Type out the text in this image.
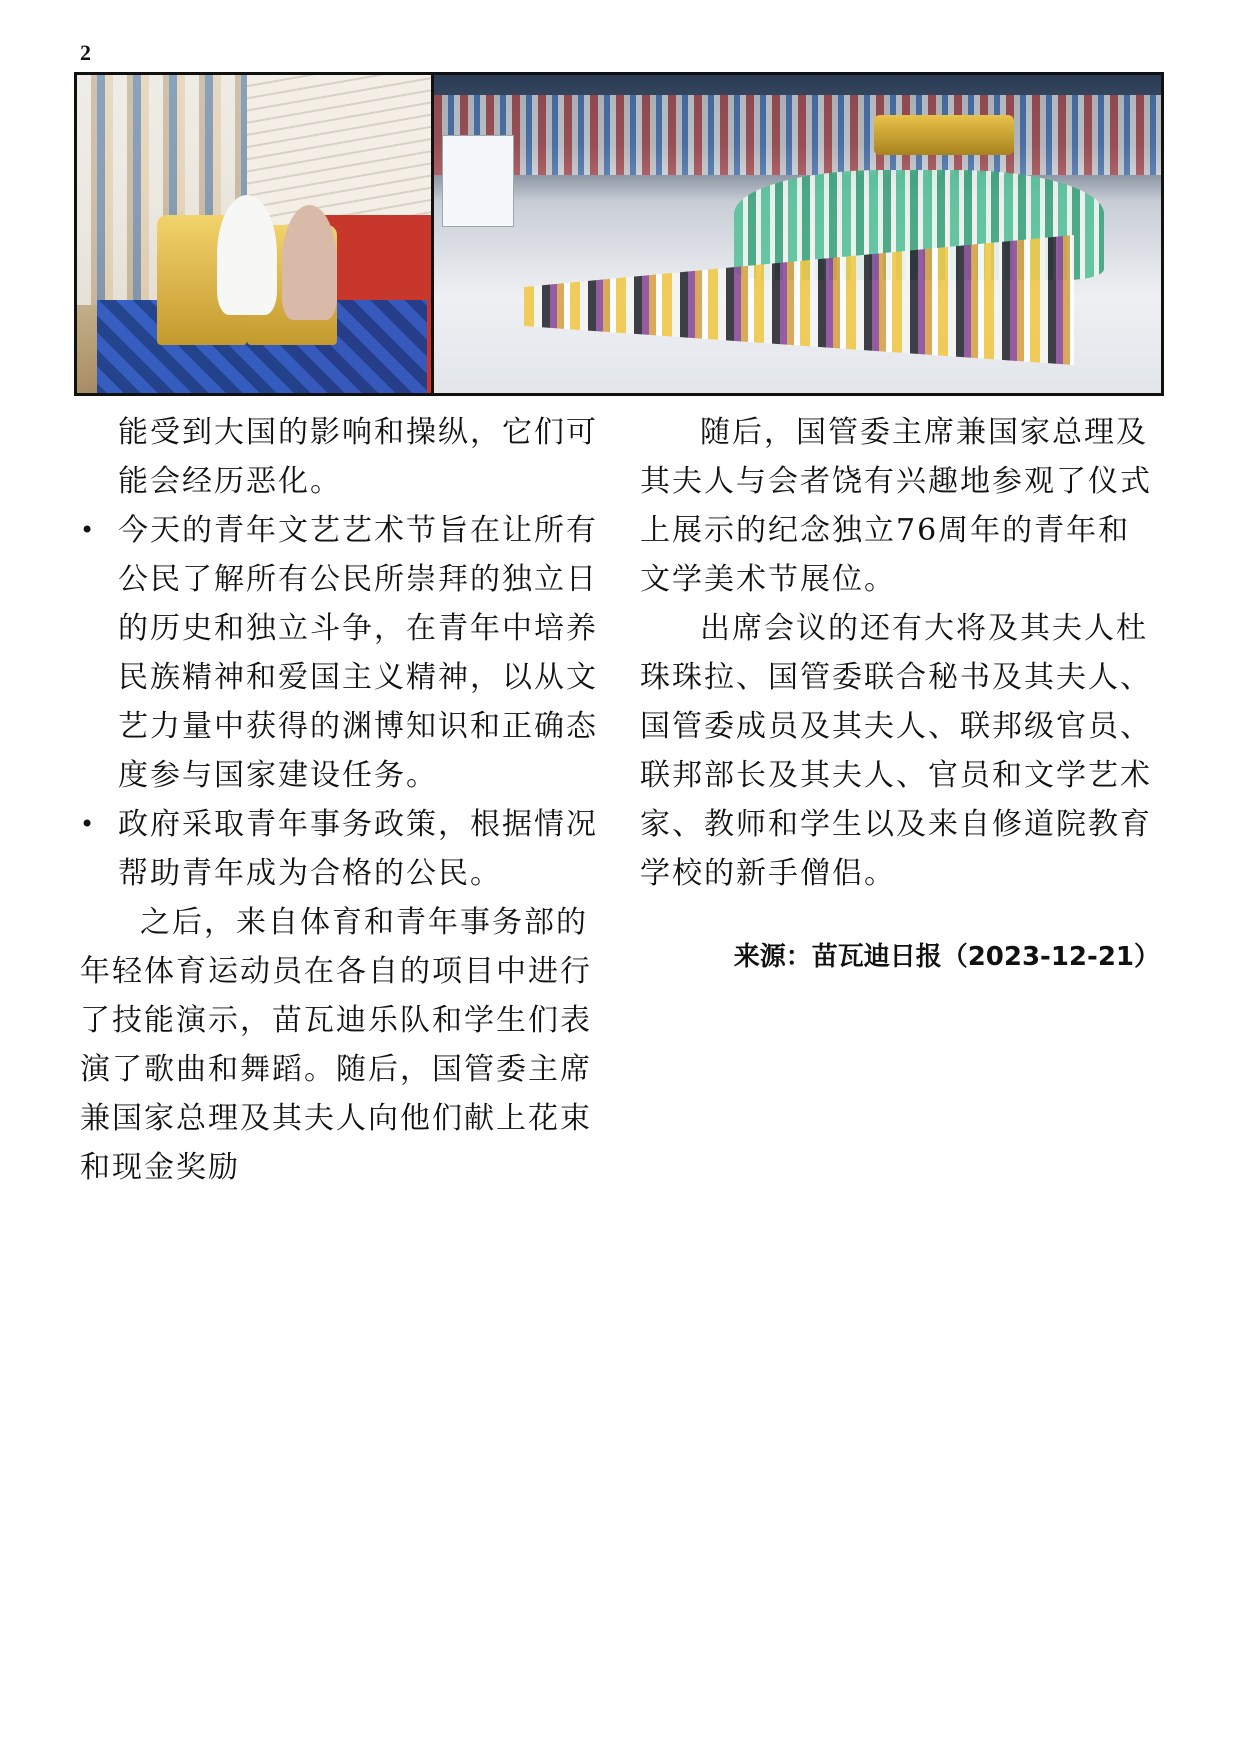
2

能受到大国的影响和操纵，它们可能会经历恶化。

• 今天的青年文艺艺术节旨在让所有公民了解所有公民所崇拜的独立日的历史和独立斗争，在青年中培养民族精神和爱国主义精神，以从文艺力量中获得的渊博知识和正确态度参与国家建设任务。

• 政府采取青年事务政策，根据情况帮助青年成为合格的公民。

之后，来自体育和青年事务部的年轻体育运动员在各自的项目中进行了技能演示，苗瓦迪乐队和学生们表演了歌曲和舞蹈。随后，国管委主席兼国家总理及其夫人向他们献上花束和现金奖励

随后，国管委主席兼国家总理及其夫人与会者饶有兴趣地参观了仪式上展示的纪念独立76周年的青年和文学美术节展位。

出席会议的还有大将及其夫人杜珠珠拉、国管委联合秘书及其夫人、国管委成员及其夫人、联邦级官员、联邦部长及其夫人、官员和文学艺术家、教师和学生以及来自修道院教育学校的新手僧侣。

来源：苗瓦迪日报（2023-12-21）
